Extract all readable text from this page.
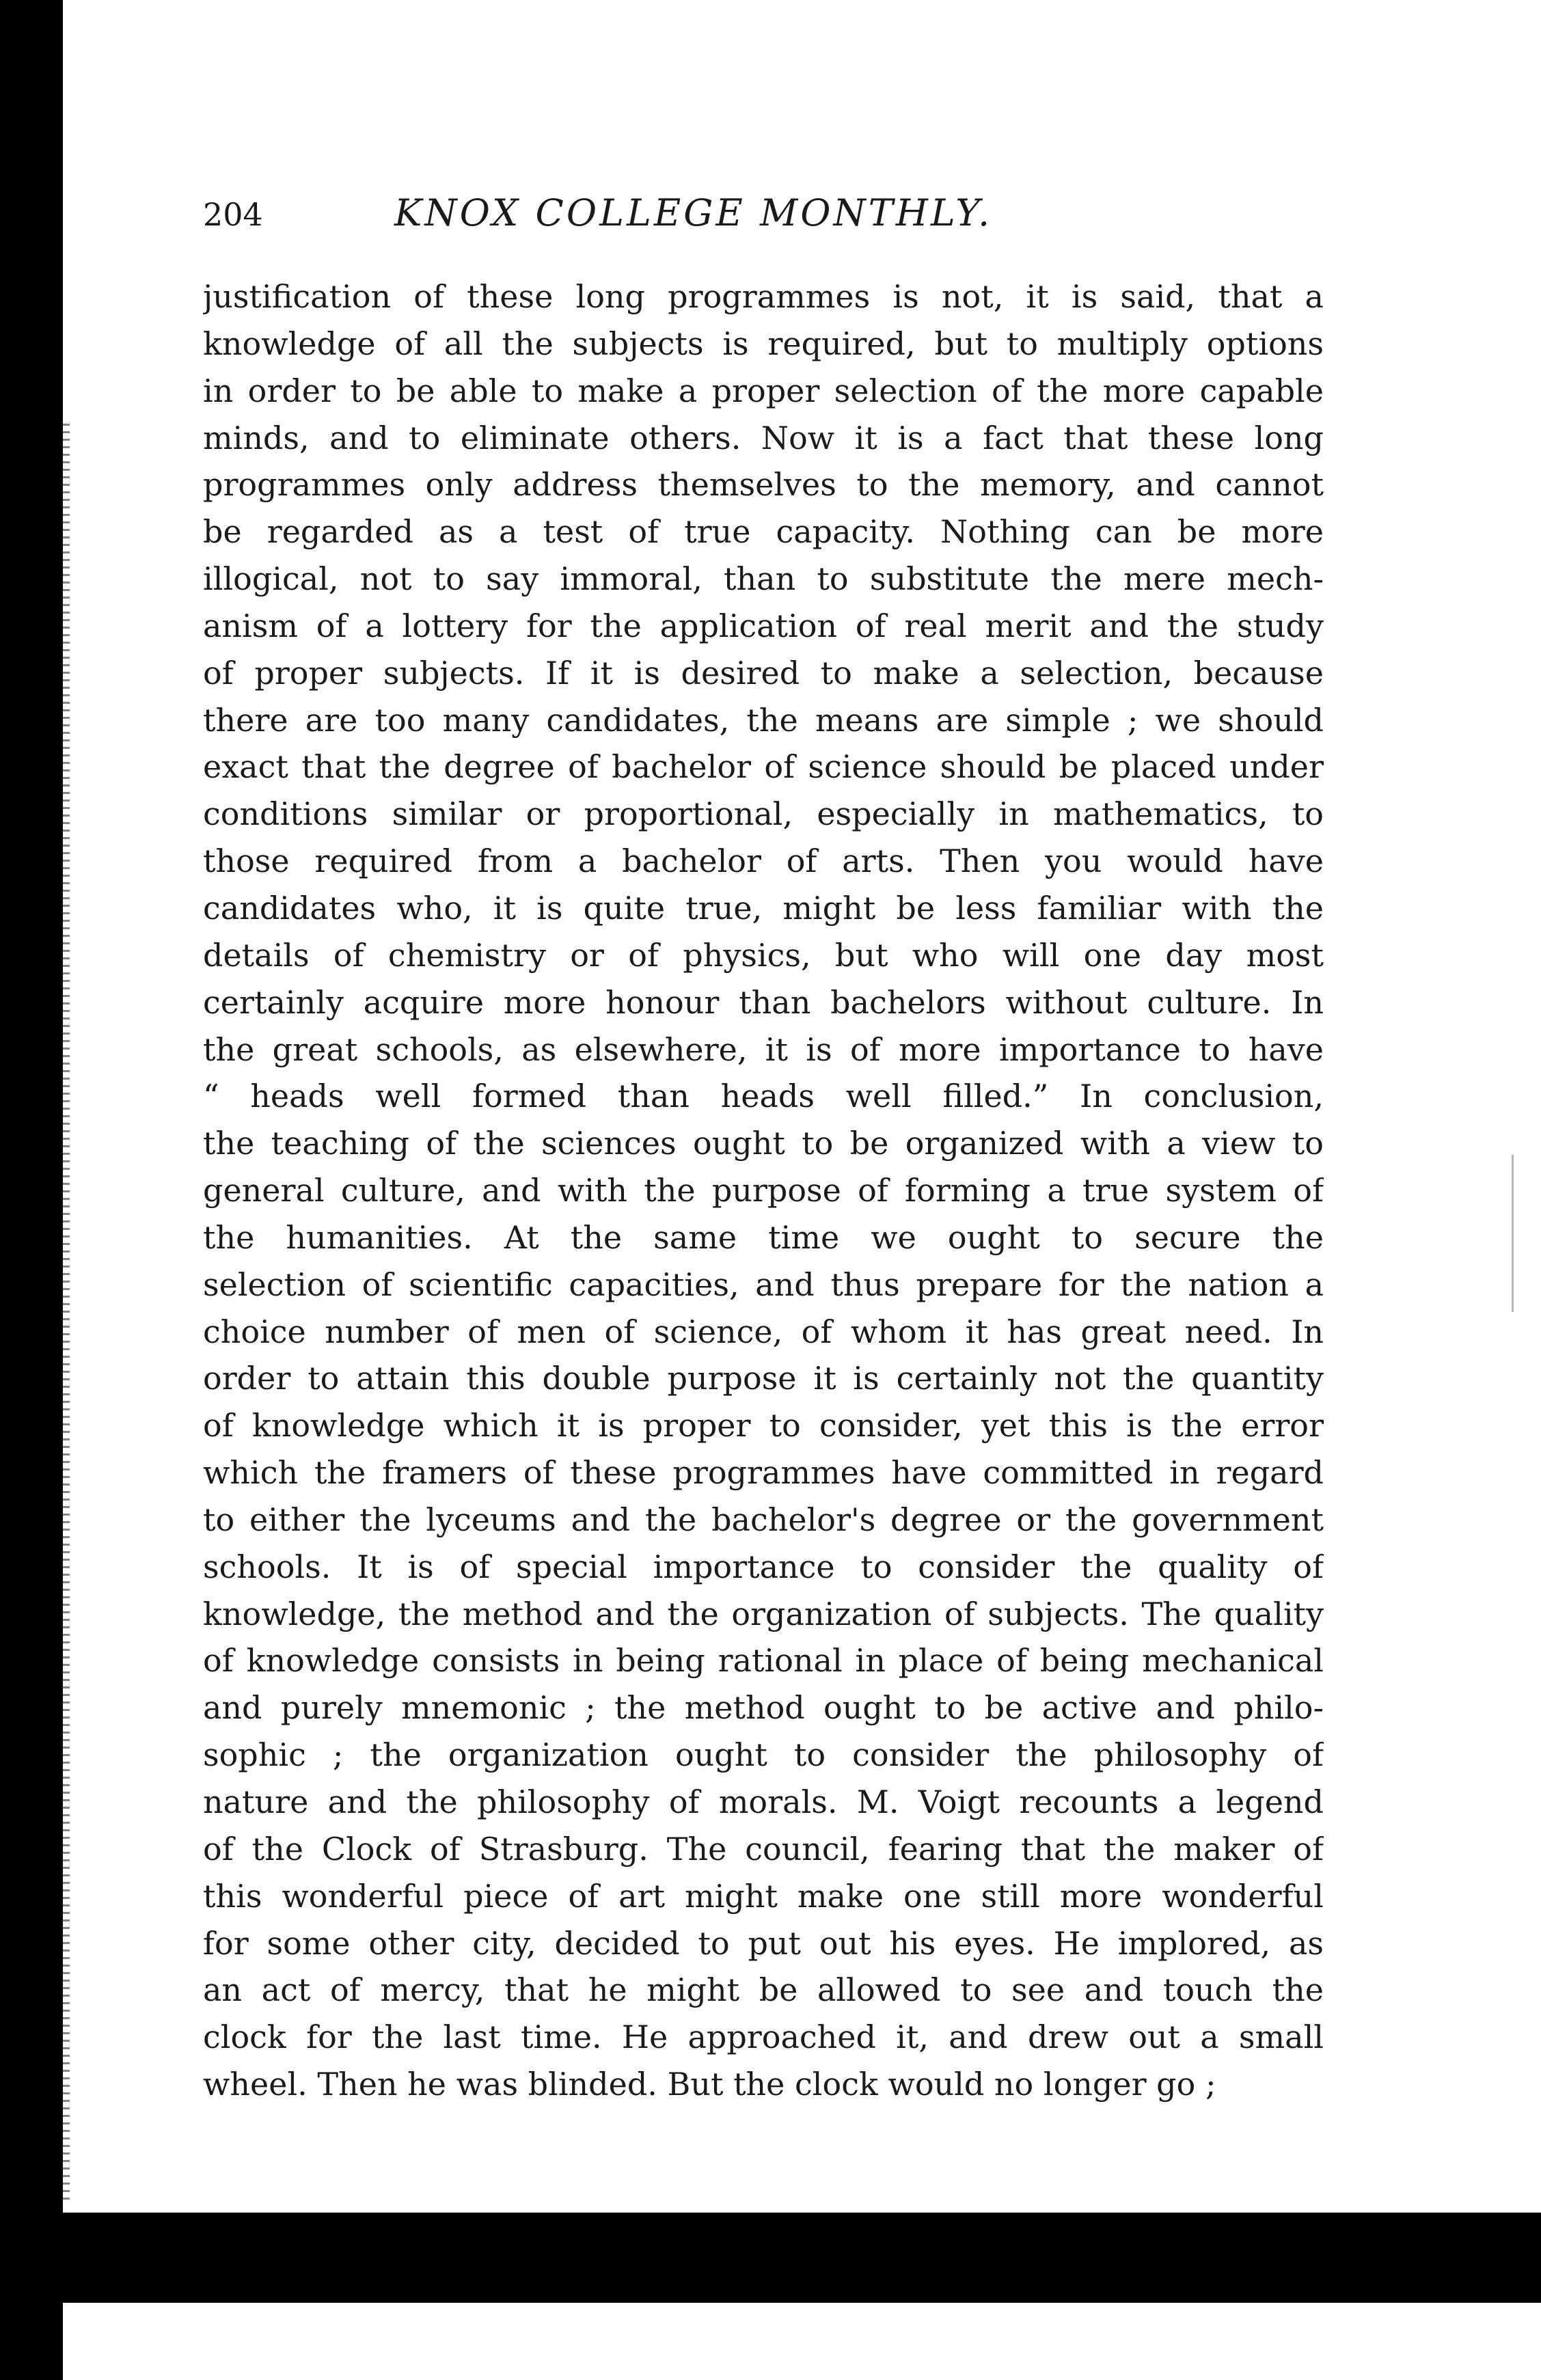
204	KNOX COLLEGE MONTHLY.
justification of these long programmes is not, it is said, that a
knowledge of all the subjects is required, but to multiply options
in order to be able to make a proper selection of the more capable
minds, and to eliminate others. Now it is a fact that these long
programmes only address themselves to the memory, and cannot
be regarded as a test of true capacity. Nothing can be more
illogical, not to say immoral, than to substitute the mere mech-
anism of a lottery for the application of real merit and the study
of proper subjects. If it is desired to make a selection, because
there are too many candidates, the means are simple ; we should
exact that the degree of bachelor of science should be placed under
conditions similar or proportional, especially in mathematics, to
those required from a bachelor of arts. Then you would have
candidates who, it is quite true, might be less familiar with the
details of chemistry or of physics, but who will one day most
certainly acquire more honour than bachelors without culture. In
the great schools, as elsewhere, it is of more importance to have
“ heads well formed than heads well filled.” In conclusion,
the teaching of the sciences ought to be organized with a view to
general culture, and with the purpose of forming a true system of
the humanities. At the same time we ought to secure the
selection of scientific capacities, and thus prepare for the nation a
choice number of men of science, of whom it has great need. In
order to attain this double purpose it is certainly not the quantity
of knowledge which it is proper to consider, yet this is the error
which the framers of these programmes have committed in regard
to either the lyceums and the bachelor's degree or the government
schools. It is of special importance to consider the quality of
knowledge, the method and the organization of subjects. The quality
of knowledge consists in being rational in place of being mechanical
and purely mnemonic ; the method ought to be active and philo-
sophic ; the organization ought to consider the philosophy of
nature and the philosophy of morals. M. Voigt recounts a legend
of the Clock of Strasburg. The council, fearing that the maker of
this wonderful piece of art might make one still more wonderful
for some other city, decided to put out his eyes. He implored, as
an act of mercy, that he might be allowed to see and touch the
clock for the last time. He approached it, and drew out a small
wheel. Then he was blinded. But the clock would no longer go ;
